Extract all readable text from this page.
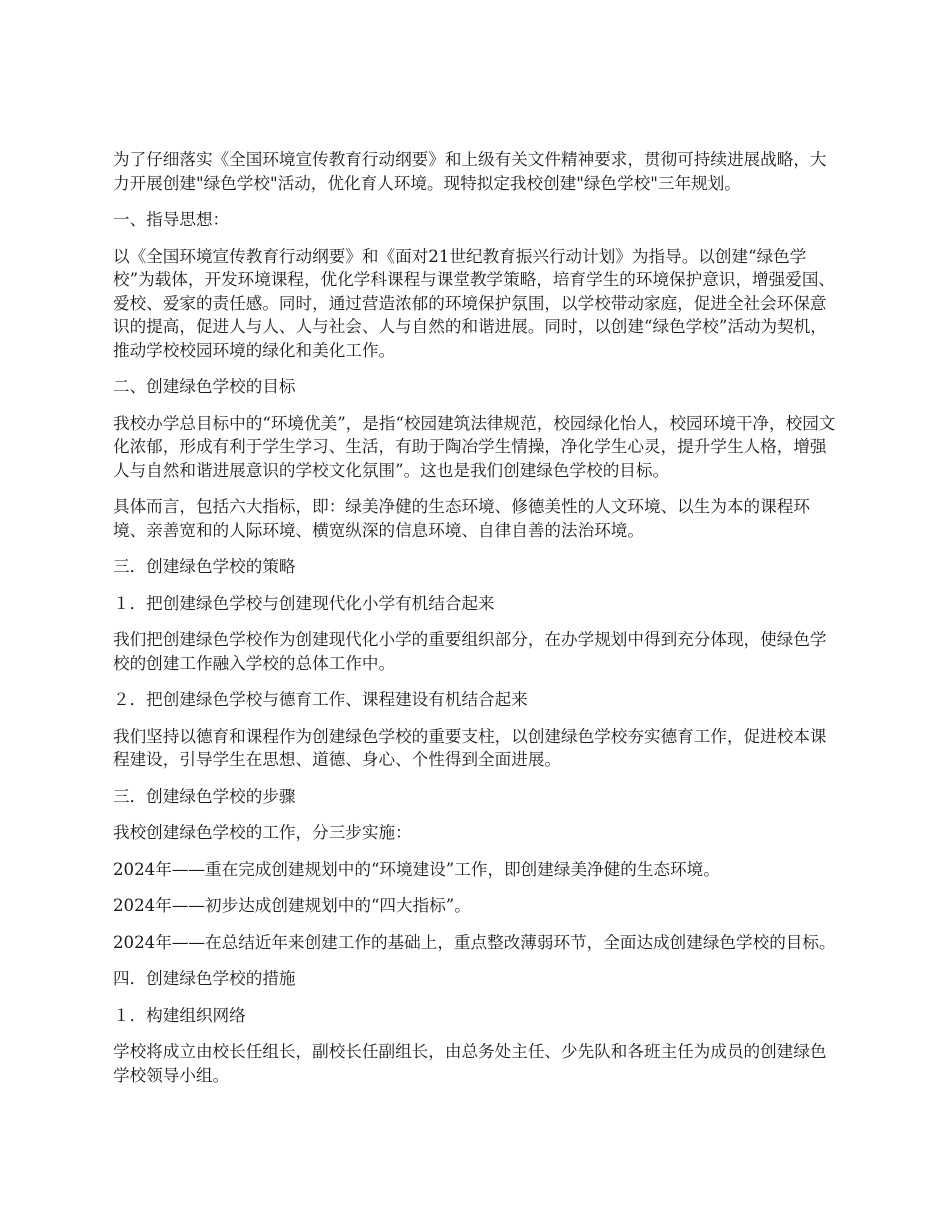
为了仔细落实《全国环境宣传教育行动纲要》和上级有关文件精神要求，贯彻可持续进展战略，大力开展创建"绿色学校"活动，优化育人环境。现特拟定我校创建"绿色学校"三年规划。

一、指导思想：

以《全国环境宣传教育行动纲要》和《面对21世纪教育振兴行动计划》为指导。以创建“绿色学校”为载体，开发环境课程，优化学科课程与课堂教学策略，培育学生的环境保护意识，增强爱国、爱校、爱家的责任感。同时，通过营造浓郁的环境保护氛围，以学校带动家庭，促进全社会环保意识的提高，促进人与人、人与社会、人与自然的和谐进展。同时，以创建“绿色学校”活动为契机，推动学校校园环境的绿化和美化工作。

二、创建绿色学校的目标

我校办学总目标中的“环境优美”，是指“校园建筑法律规范，校园绿化怡人，校园环境干净，校园文化浓郁，形成有利于学生学习、生活，有助于陶冶学生情操，净化学生心灵，提升学生人格，增强人与自然和谐进展意识的学校文化氛围”。这也是我们创建绿色学校的目标。

具体而言，包括六大指标，即：绿美净健的生态环境、修德美性的人文环境、以生为本的课程环境、亲善宽和的人际环境、横宽纵深的信息环境、自律自善的法治环境。

三．创建绿色学校的策略

１．把创建绿色学校与创建现代化小学有机结合起来

我们把创建绿色学校作为创建现代化小学的重要组织部分，在办学规划中得到充分体现，使绿色学校的创建工作融入学校的总体工作中。

２．把创建绿色学校与德育工作、课程建设有机结合起来

我们坚持以德育和课程作为创建绿色学校的重要支柱，以创建绿色学校夯实德育工作，促进校本课程建设，引导学生在思想、道德、身心、个性得到全面进展。

三．创建绿色学校的步骤

我校创建绿色学校的工作，分三步实施：

2024年——重在完成创建规划中的“环境建设”工作，即创建绿美净健的生态环境。

2024年——初步达成创建规划中的“四大指标”。

2024年——在总结近年来创建工作的基础上，重点整改薄弱环节，全面达成创建绿色学校的目标。

四．创建绿色学校的措施

１．构建组织网络

学校将成立由校长任组长，副校长任副组长，由总务处主任、少先队和各班主任为成员的创建绿色学校领导小组。
